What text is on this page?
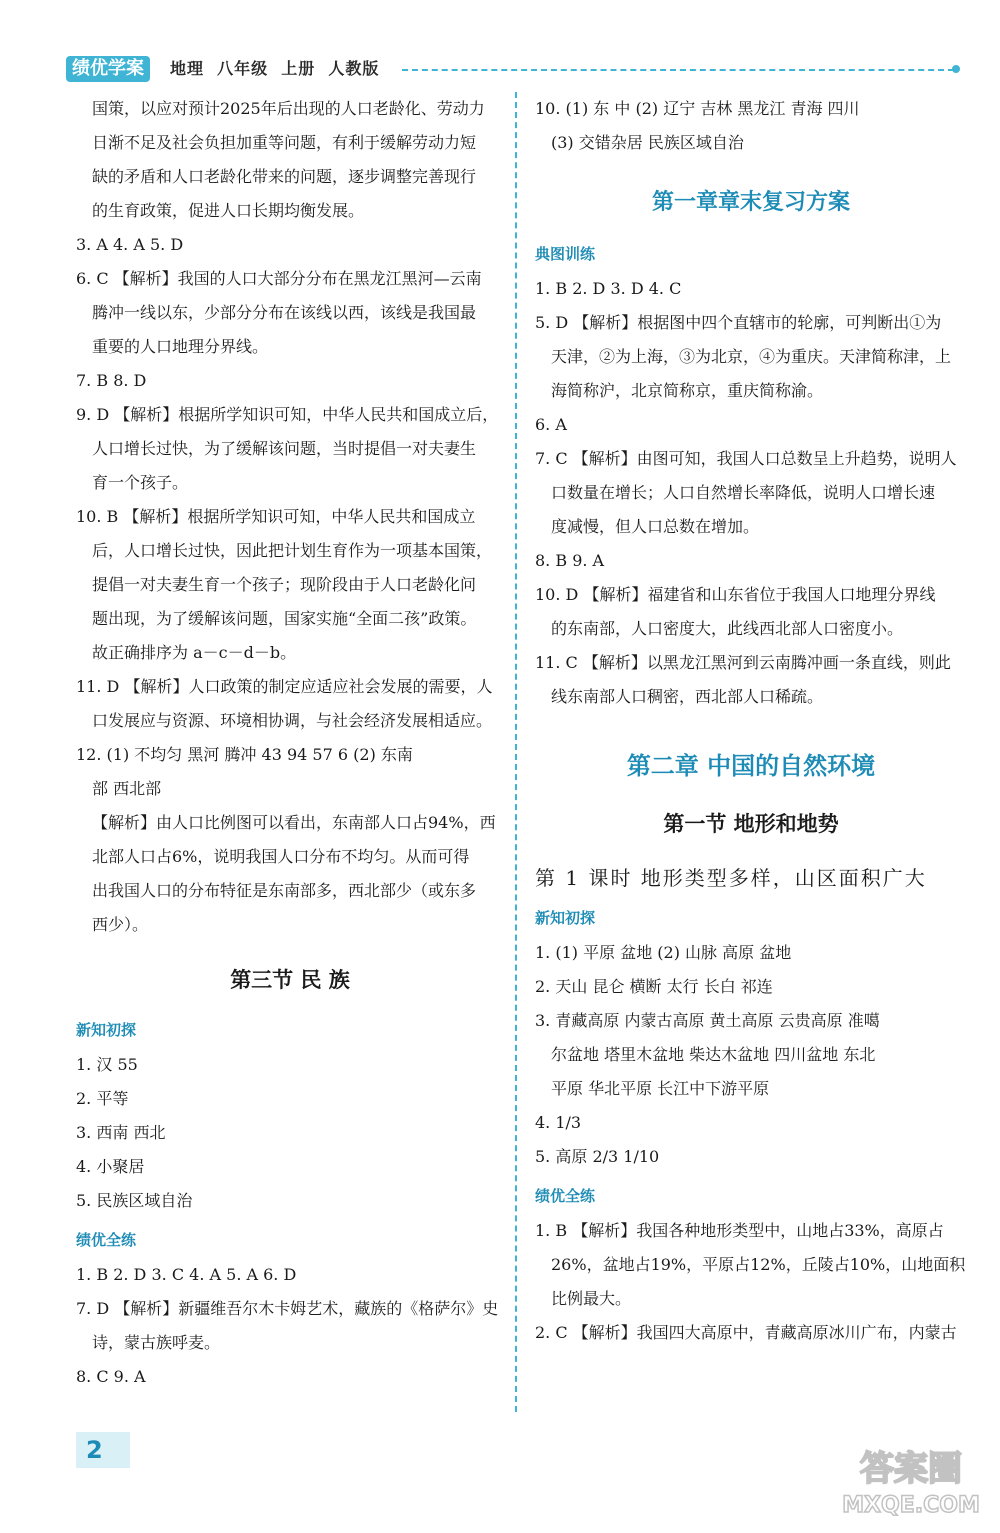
绩优学案	地理  八年级  上册  人教版

国策，以应对预计2025年后出现的人口老龄化、劳动力

日渐不足及社会负担加重等问题，有利于缓解劳动力短

缺的矛盾和人口老龄化带来的问题，逐步调整完善现行

的生育政策，促进人口长期均衡发展。

3. A 4. A 5. D

6. C 【解析】我国的人口大部分分布在黑龙江黑河—云南

腾冲一线以东，少部分分布在该线以西，该线是我国最

重要的人口地理分界线。

7. B 8. D

9. D 【解析】根据所学知识可知，中华人民共和国成立后，

人口增长过快，为了缓解该问题，当时提倡一对夫妻生

育一个孩子。

10. B 【解析】根据所学知识可知，中华人民共和国成立

后，人口增长过快，因此把计划生育作为一项基本国策，

提倡一对夫妻生育一个孩子；现阶段由于人口老龄化问

题出现，为了缓解该问题，国家实施“全面二孩”政策。

故正确排序为 a－c－d－b。

11. D 【解析】人口政策的制定应适应社会发展的需要，人

口发展应与资源、环境相协调，与社会经济发展相适应。

12. (1) 不均匀 黑河 腾冲 43 94 57 6 (2) 东南

部 西北部

【解析】由人口比例图可以看出，东南部人口占94%，西

北部人口占6%，说明我国人口分布不均匀。从而可得

出我国人口的分布特征是东南部多，西北部少（或东多

西少）。

第三节 民 族
新知初探

1. 汉 55

2. 平等

3. 西南 西北

4. 小聚居

5. 民族区域自治

绩优全练

1. B 2. D 3. C 4. A 5. A 6. D

7. D 【解析】新疆维吾尔木卡姆艺术，藏族的《格萨尔》史

诗，蒙古族呼麦。

8. C 9. A

10. (1) 东 中 (2) 辽宁 吉林 黑龙江 青海 四川

(3) 交错杂居 民族区域自治

第一章章末复习方案
典图训练

1. B 2. D 3. D 4. C

5. D 【解析】根据图中四个直辖市的轮廓，可判断出①为

天津，②为上海，③为北京，④为重庆。天津简称津，上

海简称沪，北京简称京，重庆简称渝。

6. A

7. C 【解析】由图可知，我国人口总数呈上升趋势，说明人

口数量在增长；人口自然增长率降低，说明人口增长速

度减慢，但人口总数在增加。

8. B 9. A

10. D 【解析】福建省和山东省位于我国人口地理分界线

的东南部，人口密度大，此线西北部人口密度小。

11. C 【解析】以黑龙江黑河到云南腾冲画一条直线，则此

线东南部人口稠密，西北部人口稀疏。

第二章 中国的自然环境
第一节 地形和地势
第 1 课时 地形类型多样，山区面积广大
新知初探

1. (1) 平原 盆地 (2) 山脉 高原 盆地

2. 天山 昆仑 横断 太行 长白 祁连

3. 青藏高原 内蒙古高原 黄土高原 云贵高原 准噶

尔盆地 塔里木盆地 柴达木盆地 四川盆地 东北

平原 华北平原 长江中下游平原

4. 1/3

5. 高原 2/3 1/10

绩优全练

1. B 【解析】我国各种地形类型中，山地占33%，高原占

26%，盆地占19%，平原占12%，丘陵占10%，山地面积

比例最大。

2. C 【解析】我国四大高原中，青藏高原冰川广布，内蒙古

2	答案圈
MXQE.COM
